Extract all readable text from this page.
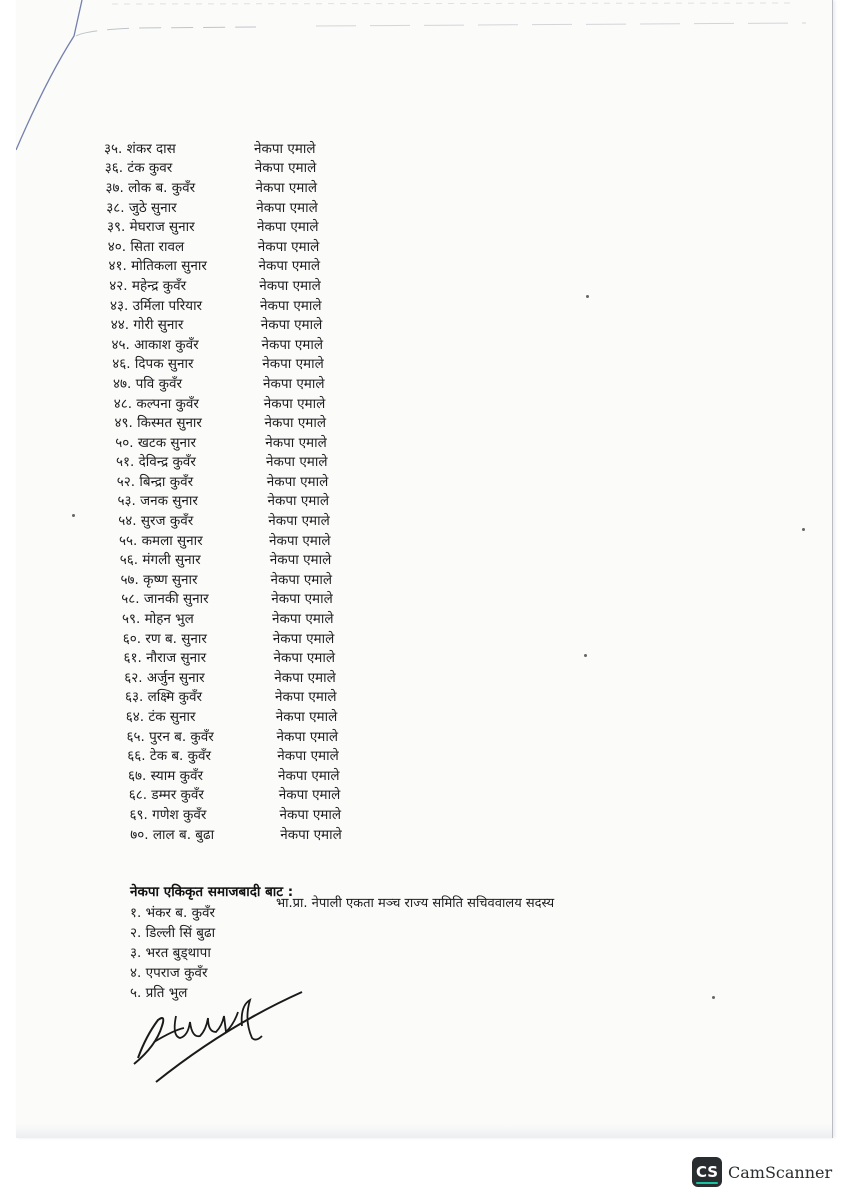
३५. शंकर दास	नेकपा एमाले
३६. टंक कुवर	नेकपा एमाले
३७. लोक ब. कुवँर	नेकपा एमाले
३८. जुठे सुनार	नेकपा एमाले
३९. मेघराज सुनार	नेकपा एमाले
४०. सिता रावल	नेकपा एमाले
४१. मोतिकला सुनार	नेकपा एमाले
४२. महेन्द्र कुवँर	नेकपा एमाले
४३. उर्मिला परियार	नेकपा एमाले
४४. गोरी सुनार	नेकपा एमाले
४५. आकाश कुवँर	नेकपा एमाले
४६. दिपक सुनार	नेकपा एमाले
४७. पवि कुवँर	नेकपा एमाले
४८. कल्पना कुवँर	नेकपा एमाले
४९. किस्मत सुनार	नेकपा एमाले
५०. खटक सुनार	नेकपा एमाले
५१. देविन्द्र कुवँर	नेकपा एमाले
५२. बिन्द्रा कुवँर	नेकपा एमाले
५३. जनक सुनार	नेकपा एमाले
५४. सुरज कुवँर	नेकपा एमाले
५५. कमला सुनार	नेकपा एमाले
५६. मंगली सुनार	नेकपा एमाले
५७. कृष्ण सुनार	नेकपा एमाले
५८. जानकी सुनार	नेकपा एमाले
५९. मोहन भुल	नेकपा एमाले
६०. रण ब. सुनार	नेकपा एमाले
६१. नौराज सुनार	नेकपा एमाले
६२. अर्जुन सुनार	नेकपा एमाले
६३. लक्ष्मि कुवँर	नेकपा एमाले
६४. टंक सुनार	नेकपा एमाले
६५. पुरन ब. कुवँर	नेकपा एमाले
६६. टेक ब. कुवँर	नेकपा एमाले
६७. स्याम कुवँर	नेकपा एमाले
६८. डम्मर कुवँर	नेकपा एमाले
६९. गणेश कुवँर	नेकपा एमाले
७०. लाल ब. बुढा	नेकपा एमाले
नेकपा एकिकृत समाजबादी बाट :
१. भंकर ब. कुवँर
भा.प्रा. नेपाली एकता मञ्च राज्य समिति सचिववालय सदस्य
२. डिल्ली सिं बुढा
३. भरत बुड्थापा
४. एपराज कुवँर
५. प्रति भुल
CS CamScanner
